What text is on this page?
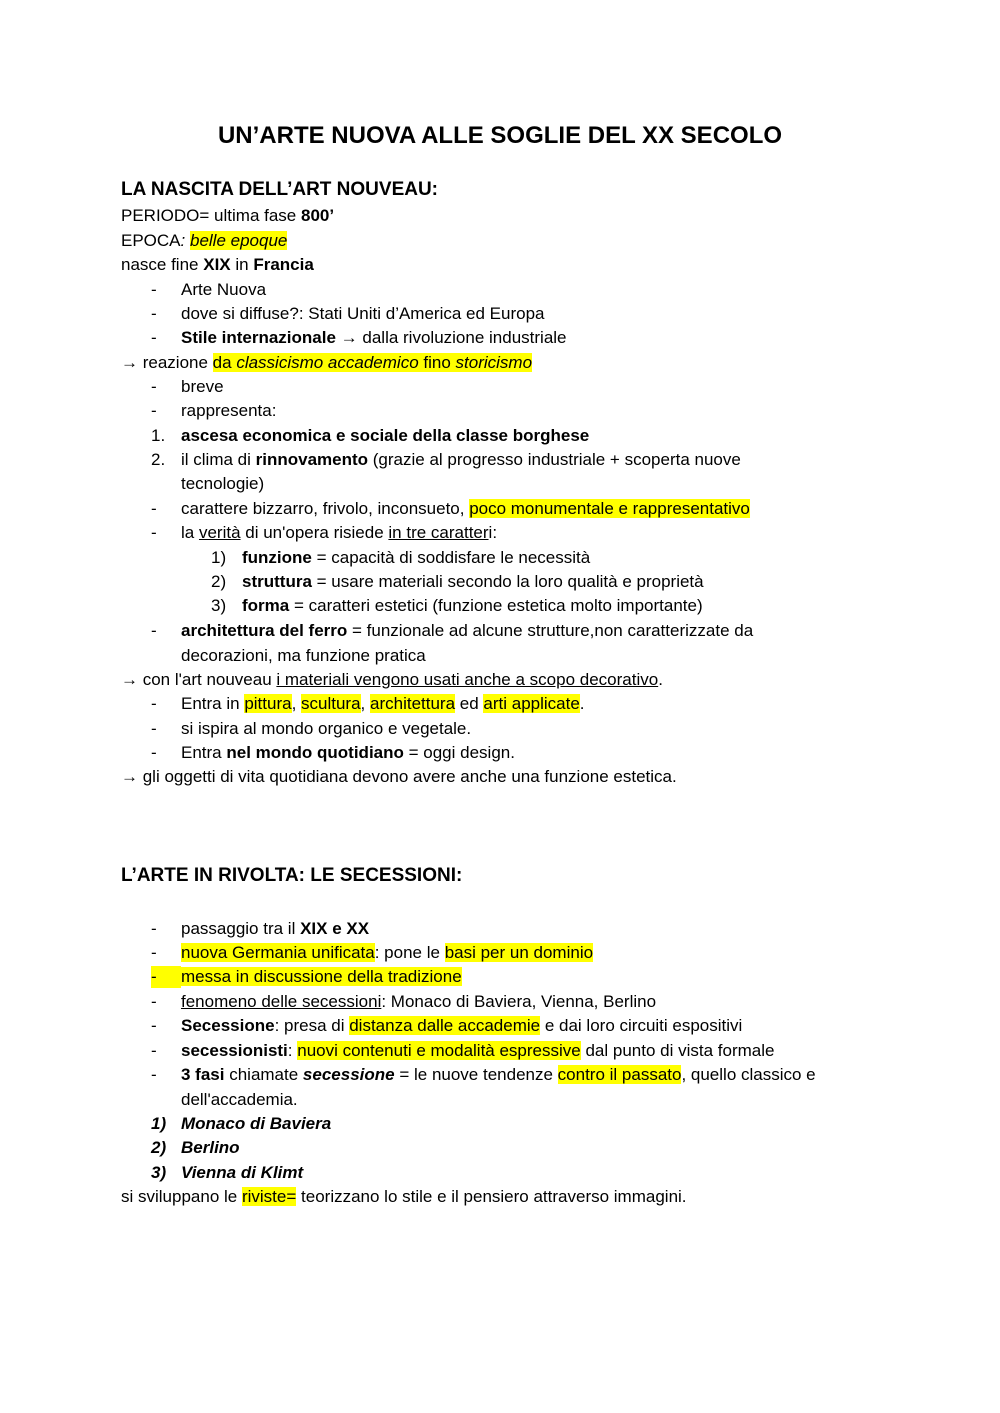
UN’ARTE NUOVA ALLE SOGLIE DEL XX SECOLO
LA NASCITA DELL’ART NOUVEAU:
PERIODO= ultima fase 800’
EPOCA: belle epoque
nasce fine XIX in Francia
- Arte Nuova
- dove si diffuse?: Stati Uniti d’America ed Europa
- Stile internazionale → dalla rivoluzione industriale
→ reazione da classicismo accademico fino storicismo
- breve
- rappresenta:
1. ascesa economica e sociale della classe borghese
2. il clima di rinnovamento (grazie al progresso industriale + scoperta nuove
tecnologie)
- carattere bizzarro, frivolo, inconsueto, poco monumentale e rappresentativo
- la verità di un'opera risiede in tre caratteri:
1) funzione = capacità di soddisfare le necessità
2) struttura = usare materiali secondo la loro qualità e proprietà
3) forma = caratteri estetici (funzione estetica molto importante)
- architettura del ferro = funzionale ad alcune strutture,non caratterizzate da
decorazioni, ma funzione pratica
→ con l'art nouveau i materiali vengono usati anche a scopo decorativo.
- Entra in pittura, scultura, architettura ed arti applicate.
- si ispira al mondo organico e vegetale.
- Entra nel mondo quotidiano = oggi design.
→ gli oggetti di vita quotidiana devono avere anche una funzione estetica.
L’ARTE IN RIVOLTA: LE SECESSIONI:
- passaggio tra il XIX e XX
- nuova Germania unificata: pone le basi per un dominio
-	messa in discussione della tradizione
- fenomeno delle secessioni: Monaco di Baviera, Vienna, Berlino
- Secessione: presa di distanza dalle accademie e dai loro circuiti espositivi
- secessionisti: nuovi contenuti e modalità espressive dal punto di vista formale
- 3 fasi chiamate secessione = le nuove tendenze contro il passato, quello classico e
dell'accademia.
1) Monaco di Baviera
2) Berlino
3) Vienna di Klimt
si sviluppano le riviste= teorizzano lo stile e il pensiero attraverso immagini.
